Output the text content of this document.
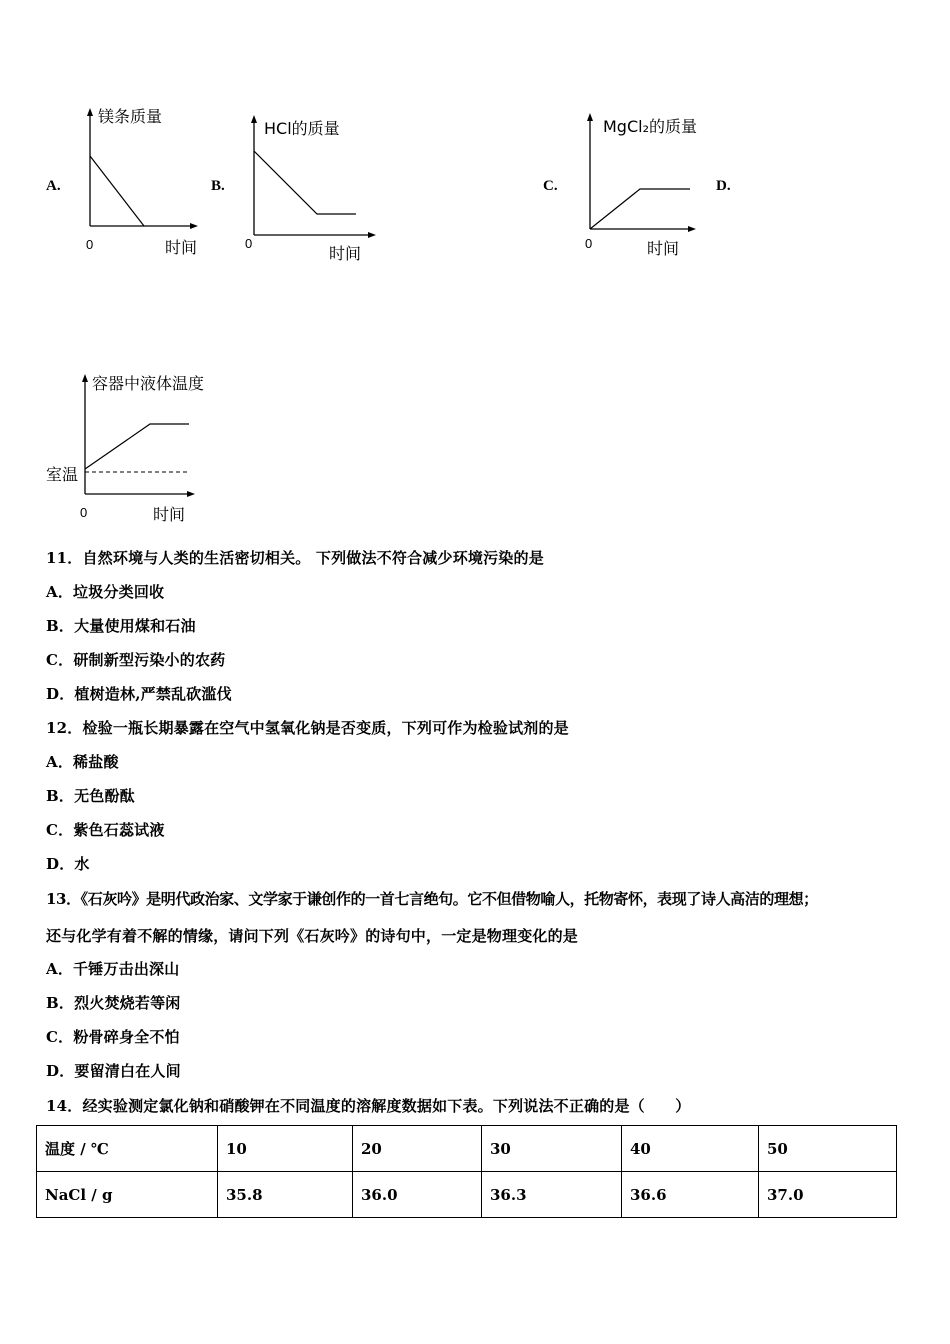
A.
镁条质量
0	时间
B.
HCl的质量
0
时间
C.
MgCl₂的质量
0	时间
D.
容器中液体温度
室温
0	时间
11．自然环境与人类的生活密切相关。 下列做法不符合减少环境污染的是
A．垃圾分类回收
B．大量使用煤和石油
C．研制新型污染小的农药
D．植树造林,严禁乱砍滥伐
12．检验一瓶长期暴露在空气中氢氧化钠是否变质，下列可作为检验试剂的是
A．稀盐酸
B．无色酚酞
C．紫色石蕊试液
D．水
13．《石灰吟》是明代政治家、文学家于谦创作的一首七言绝句。它不但借物喻人，托物寄怀，表现了诗人高洁的理想；
还与化学有着不解的情缘，请问下列《石灰吟》的诗句中，一定是物理变化的是
A．千锤万击出深山
B．烈火焚烧若等闲
C．粉骨碎身全不怕
D．要留清白在人间
14．经实验测定氯化钠和硝酸钾在不同温度的溶解度数据如下表。下列说法不正确的是（　　）
温度 / ℃	10	20	30	40	50
NaCl / g	35.8	36.0	36.3	36.6	37.0
